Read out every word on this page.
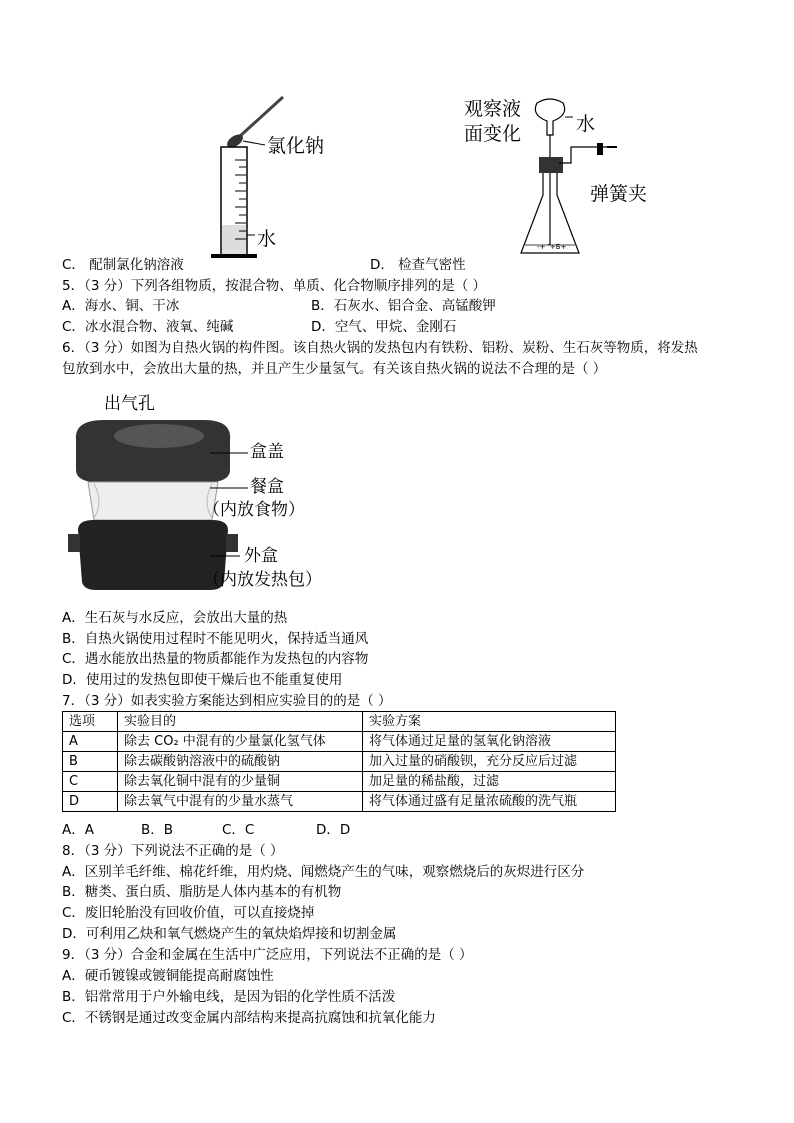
氯化钠
水	-+ ʼ+Ƃ+
观察液
面变化	水
弹簧夹
C． 配制氯化钠溶液	D． 检查气密性
5．（3 分）下列各组物质，按混合物、单质、化合物顺序排列的是（ ）
A．海水、铜、干冰	B．石灰水、铝合金、高锰酸钾
C．冰水混合物、液氧、纯碱	D．空气、甲烷、金刚石
6．（3 分）如图为自热火锅的构件图。该自热火锅的发热包内有铁粉、铝粉、炭粉、生石灰等物质，将发热
包放到水中，会放出大量的热，并且产生少量氢气。有关该自热火锅的说法不合理的是（ ）
出气孔
盒盖
餐盒
（内放食物）
外盒
（内放发热包）
A．生石灰与水反应，会放出大量的热
B．自热火锅使用过程时不能见明火，保持适当通风
C．遇水能放出热量的物质都能作为发热包的内容物
D．使用过的发热包即使干燥后也不能重复使用
7．（3 分）如表实验方案能达到相应实验目的的是（ ）
选项	实验目的	实验方案
A	除去 CO₂ 中混有的少量氯化氢气体	将气体通过足量的氢氧化钠溶液
B	除去碳酸钠溶液中的硫酸钠	加入过量的硝酸钡，充分反应后过滤
C	除去氧化铜中混有的少量铜	加足量的稀盐酸，过滤
D	除去氧气中混有的少量水蒸气	将气体通过盛有足量浓硫酸的洗气瓶
A．A	B．B	C．C	D．D
8．（3 分）下列说法不正确的是（ ）
A．区别羊毛纤维、棉花纤维，用灼烧、闻燃烧产生的气味，观察燃烧后的灰烬进行区分
B．糖类、蛋白质、脂肪是人体内基本的有机物
C．废旧轮胎没有回收价值，可以直接烧掉
D．可利用乙炔和氧气燃烧产生的氧炔焰焊接和切割金属
9．（3 分）合金和金属在生活中广泛应用，下列说法不正确的是（ ）
A．硬币镀镍或镀铜能提高耐腐蚀性
B．铝常常用于户外输电线，是因为铝的化学性质不活泼
C．不锈钢是通过改变金属内部结构来提高抗腐蚀和抗氧化能力
